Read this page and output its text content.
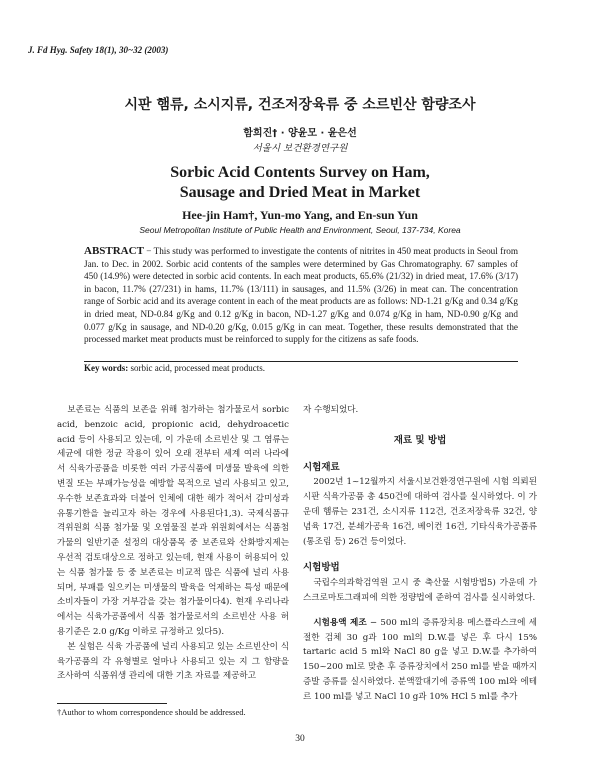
J. Fd Hyg. Safety 18(1), 30~32 (2003)
시판 햄류, 소시지류, 건조저장육류 중 소르빈산 함량조사
함희진† · 양윤모 · 윤은선
서울시 보건환경연구원
Sorbic Acid Contents Survey on Ham, Sausage and Dried Meat in Market
Hee-jin Ham†, Yun-mo Yang, and En-sun Yun
Seoul Metropolitan Institute of Public Health and Environment, Seoul, 137-734, Korea
ABSTRACT − This study was performed to investigate the contents of nitrites in 450 meat products in Seoul from Jan. to Dec. in 2002. Sorbic acid contents of the samples were determined by Gas Chromatography. 67 samples of 450 (14.9%) were detected in sorbic acid contents. In each meat products, 65.6% (21/32) in dried meat, 17.6% (3/17) in bacon, 11.7% (27/231) in hams, 11.7% (13/111) in sausages, and 11.5% (3/26) in meat can. The concentration range of Sorbic acid and its average content in each of the meat products are as follows: ND-1.21 g/Kg and 0.34 g/Kg in dried meat, ND-0.84 g/Kg and 0.12 g/Kg in bacon, ND-1.27 g/Kg and 0.074 g/Kg in ham, ND-0.90 g/Kg and 0.077 g/Kg in sausage, and ND-0.20 g/Kg, 0.015 g/Kg in can meat. Together, these results demonstrated that the processed market meat products must be reinforced to supply for the citizens as safe foods.
Key words: sorbic acid, processed meat products.

보존료는 식품의 보존을 위해 첨가하는 첨가물로서 sorbic acid, benzoic acid, propionic acid, dehydroacetic acid 등이 사용되고 있는데, 이 가운데 소르빈산 및 그 염류는 세균에 대한 정균 작용이 있어 오래 전부터 세계 여러 나라에서 식육가공품을 비롯한 여러 가공식품에 미생물 발육에 의한 변질 또는 부패가능성을 예방할 목적으로 널리 사용되고 있고, 우수한 보존효과와 더불어 인체에 대한 해가 적어서 감미성과 유통기한을 늘리고자 하는 경우에 사용된다1,3). 국제식품규격위원회 식품 첨가물 및 오염물질 분과 위원회에서는 식품첨가물의 일반기준 설정의 대상품목 중 보존료와 산화방지제는 우선적 검토대상으로 정하고 있는데, 현재 사용이 허용되어 있는 식품 첨가물 등 중 보존료는 비교적 많은 식품에 널리 사용되며, 부패를 일으키는 미생물의 발육을 억제하는 특성 때문에 소비자들이 가장 거부감을 갖는 첨가물이다4). 현재 우리나라에서는 식육가공품에서 식품 첨가물로서의 소르빈산 사용 허용기준은 2.0 g/Kg 이하로 규정하고 있다5).

본 실험은 식육 가공품에 널리 사용되고 있는 소르빈산이 식육가공품의 각 유형별로 얼마나 사용되고 있는 지 그 함량을 조사하여 식품위생 관리에 대한 기초 자료를 제공하고

자 수행되었다.

재료 및 방법
시험재료

2002년 1~12월까지 서울시보건환경연구원에 시험 의뢰된 시판 식육가공품 총 450건에 대하여 검사를 실시하였다. 이 가운데 햄류는 231건, 소시지류 112건, 건조저장육류 32건, 양념육 17건, 분쇄가공육 16건, 베이컨 16건, 기타식육가공품류(통조림 등) 26건 등이었다.

시험방법

국립수의과학검역원 고시 중 축산물 시험방법5) 가운데 가스크로마토그래피에 의한 정량법에 준하여 검사를 실시하였다.

시험용액 제조 − 500 ml의 증류장치용 메스플라스크에 세절한 검체 30 g과 100 ml의 D.W.를 넣은 후 다시 15% tartaric acid 5 ml와 NaCl 80 g을 넣고 D.W.를 추가하여 150~200 ml로 맞춘 후 증류장치에서 250 ml를 받을 때까지 증발 증류를 실시하였다. 분액깔대기에 증류액 100 ml와 에테르 100 ml를 넣고 NaCl 10 g과 10% HCl 5 ml를 추가

†Author to whom correspondence should be addressed.
30
